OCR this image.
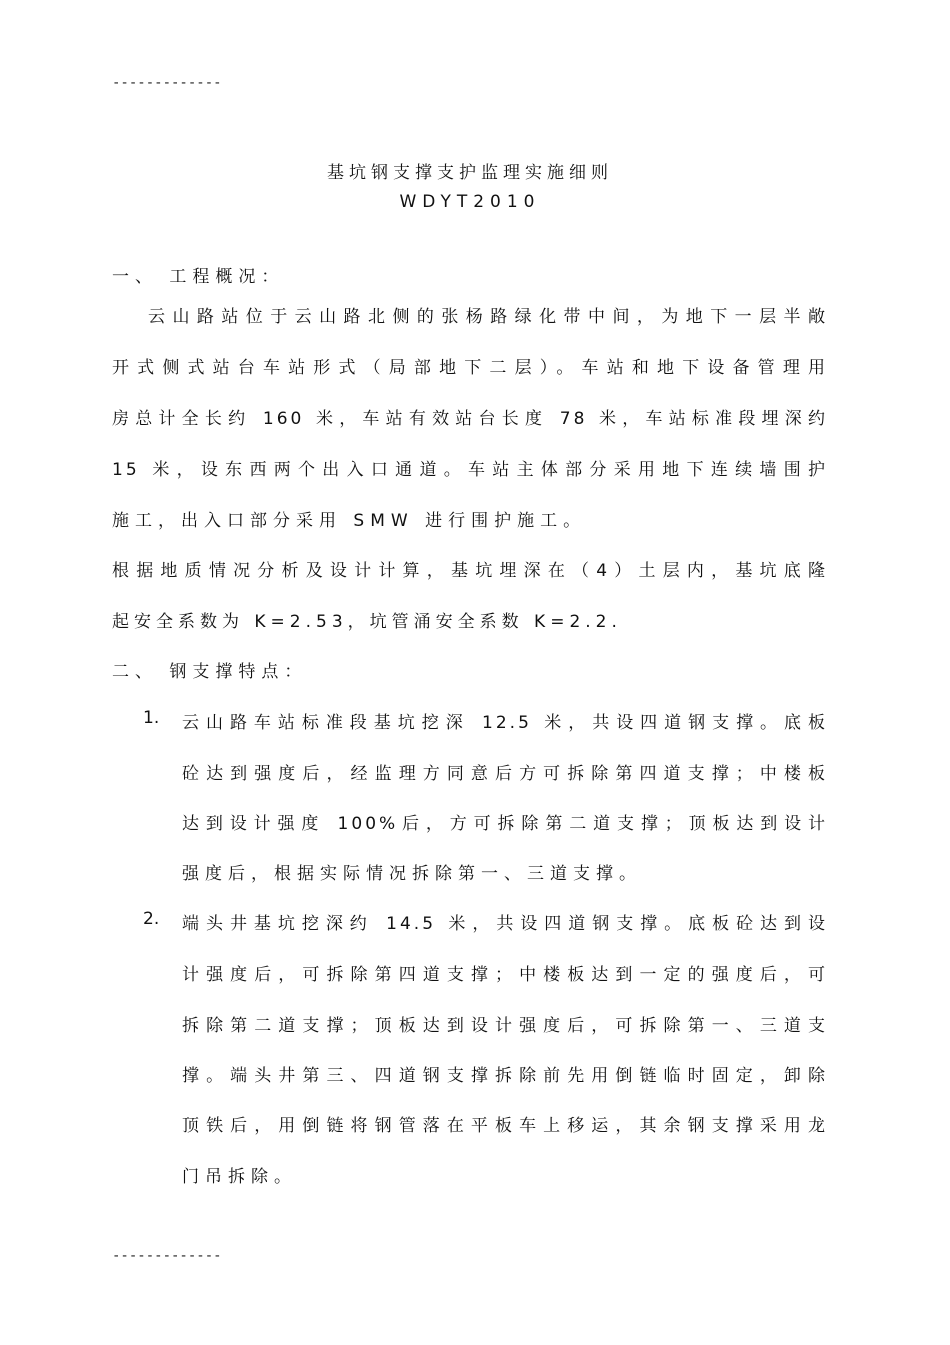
-------------
基坑钢支撑支护监理实施细则
WDYT2010
一、 工程概况：
云山路站位于云山路北侧的张杨路绿化带中间，为地下一层半敞
开式侧式站台车站形式（局部地下二层）。车站和地下设备管理用
房总计全长约 160 米，车站有效站台长度 78 米，车站标准段埋深约
15 米，设东西两个出入口通道。车站主体部分采用地下连续墙围护
施工，出入口部分采用 SMW 进行围护施工。
根据地质情况分析及设计计算，基坑埋深在（4）土层内，基坑底隆
起安全系数为 K=2.53，坑管涌安全系数 K=2.2.
二、 钢支撑特点：
1. 云山路车站标准段基坑挖深 12.5 米，共设四道钢支撑。底板
砼达到强度后，经监理方同意后方可拆除第四道支撑；中楼板
达到设计强度 100%后，方可拆除第二道支撑；顶板达到设计
强度后，根据实际情况拆除第一、三道支撑。
2. 端头井基坑挖深约 14.5 米，共设四道钢支撑。底板砼达到设
计强度后，可拆除第四道支撑；中楼板达到一定的强度后，可
拆除第二道支撑；顶板达到设计强度后，可拆除第一、三道支
撑。端头井第三、四道钢支撑拆除前先用倒链临时固定，卸除
顶铁后，用倒链将钢管落在平板车上移运，其余钢支撑采用龙
门吊拆除。
-------------
